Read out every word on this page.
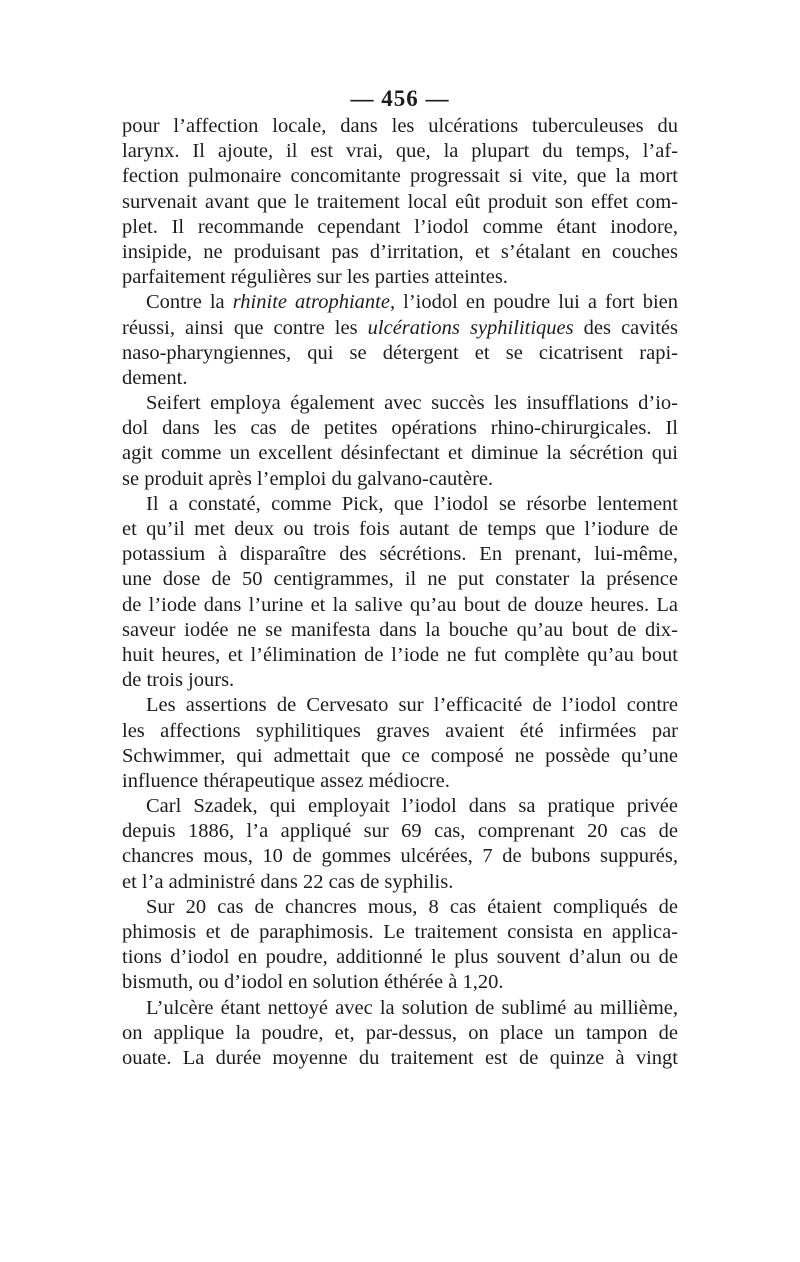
— 456 —
pour l’affection locale, dans les ulcérations tuberculeuses du
larynx. Il ajoute, il est vrai, que, la plupart du temps, l’af-
fection pulmonaire concomitante progressait si vite, que la mort
survenait avant que le traitement local eût produit son effet com-
plet. Il recommande cependant l’iodol comme étant inodore,
insipide, ne produisant pas d’irritation, et s’étalant en couches
parfaitement régulières sur les parties atteintes.
Contre la rhinite atrophiante, l’iodol en poudre lui a fort bien
réussi, ainsi que contre les ulcérations syphilitiques des cavités
naso-pharyngiennes, qui se détergent et se cicatrisent rapi-
dement.
Seifert employa également avec succès les insufflations d’io-
dol dans les cas de petites opérations rhino-chirurgicales. Il
agit comme un excellent désinfectant et diminue la sécrétion qui
se produit après l’emploi du galvano-cautère.
Il a constaté, comme Pick, que l’iodol se résorbe lentement
et qu’il met deux ou trois fois autant de temps que l’iodure de
potassium à disparaître des sécrétions. En prenant, lui-même,
une dose de 50 centigrammes, il ne put constater la présence
de l’iode dans l’urine et la salive qu’au bout de douze heures. La
saveur iodée ne se manifesta dans la bouche qu’au bout de dix-
huit heures, et l’élimination de l’iode ne fut complète qu’au bout
de trois jours.
Les assertions de Cervesato sur l’efficacité de l’iodol contre
les affections syphilitiques graves avaient été infirmées par
Schwimmer, qui admettait que ce composé ne possède qu’une
influence thérapeutique assez médiocre.
Carl Szadek, qui employait l’iodol dans sa pratique privée
depuis 1886, l’a appliqué sur 69 cas, comprenant 20 cas de
chancres mous, 10 de gommes ulcérées, 7 de bubons suppurés,
et l’a administré dans 22 cas de syphilis.
Sur 20 cas de chancres mous, 8 cas étaient compliqués de
phimosis et de paraphimosis. Le traitement consista en applica-
tions d’iodol en poudre, additionné le plus souvent d’alun ou de
bismuth, ou d’iodol en solution éthérée à 1,20.
L’ulcère étant nettoyé avec la solution de sublimé au millième,
on applique la poudre, et, par-dessus, on place un tampon de
ouate. La durée moyenne du traitement est de quinze à vingt
